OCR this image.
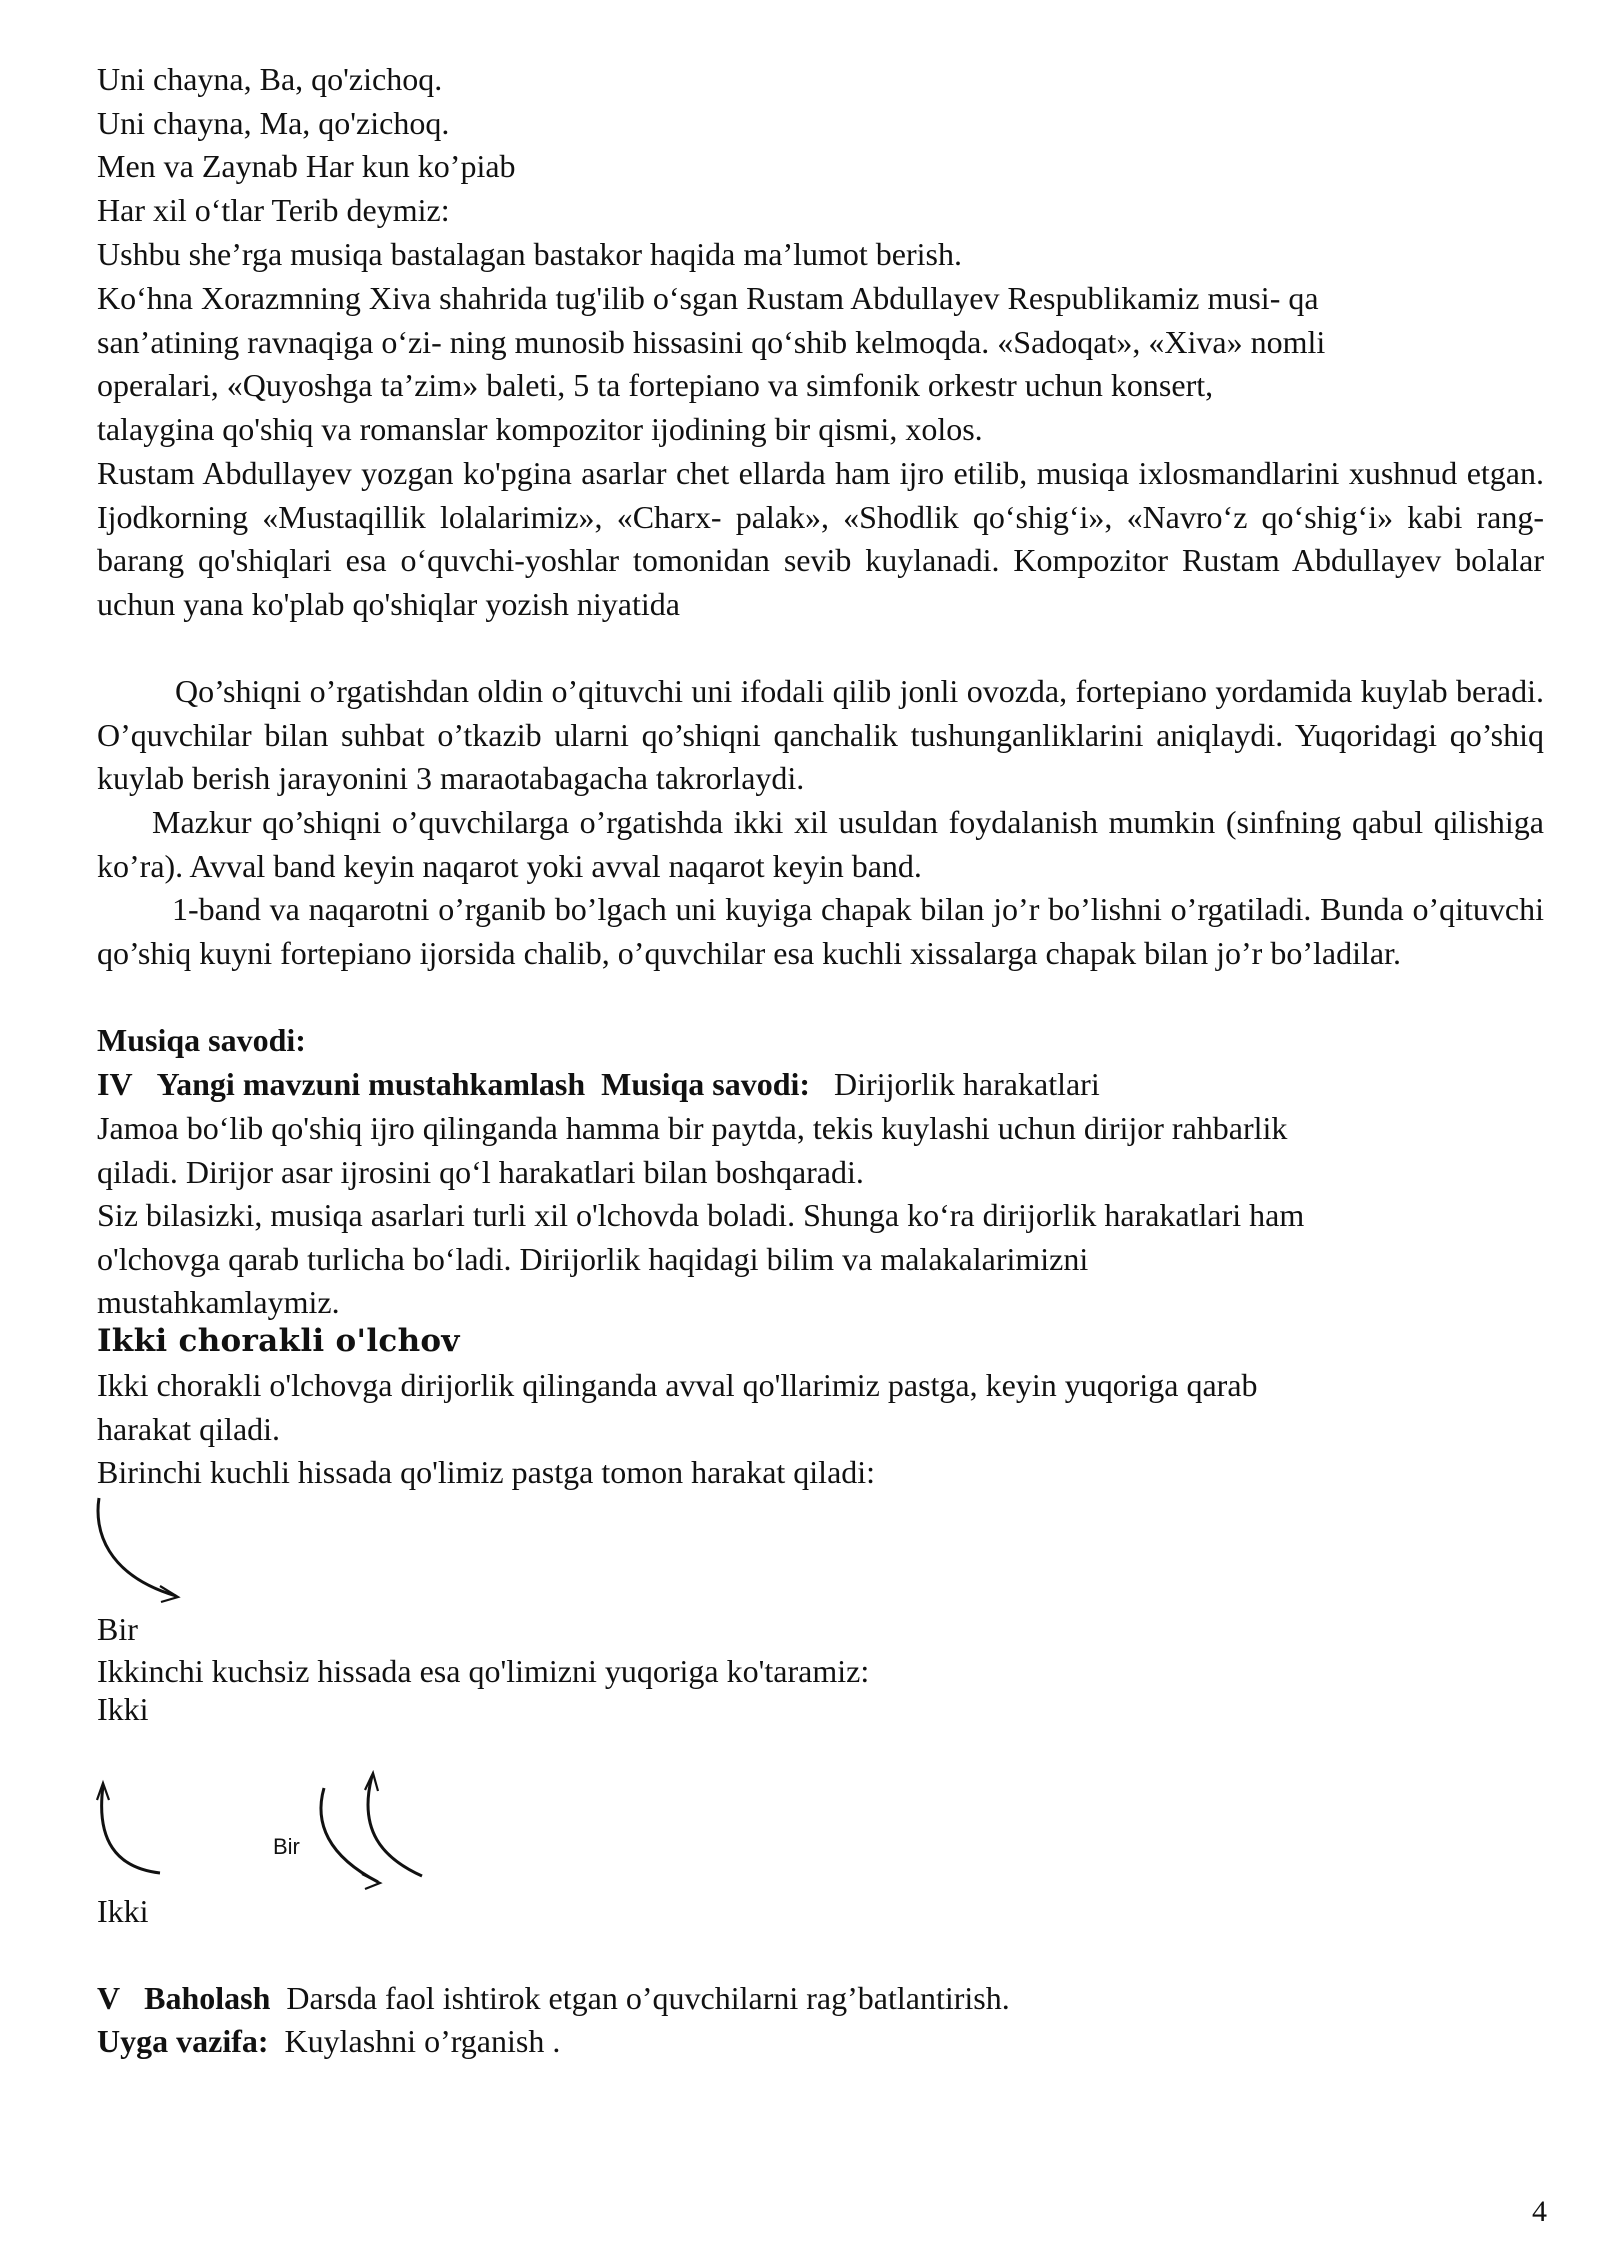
Uni chayna, Ba, qo'zichoq.
Uni chayna, Ma, qo'zichoq.
Men va Zaynab Har kun ko’piab
Har xil o‘tlar Terib deymiz:
Ushbu she’rga musiqa bastalagan bastakor haqida ma’lumot berish.
Ko‘hna Xorazmning Xiva shahrida tug'ilib o‘sgan Rustam Abdullayev Respublikamiz musi- qa
san’atining ravnaqiga o‘zi- ning munosib hissasini qo‘shib kelmoqda. «Sadoqat», «Xiva» nomli
operalari, «Quyoshga ta’zim» baleti, 5 ta fortepiano va simfonik orkestr uchun konsert,
talaygina qo'shiq va romanslar kompozitor ijodining bir qismi, xolos.

Rustam Abdullayev yozgan ko'pgina asarlar chet ellarda ham ijro etilib, musiqa ixlosmandlarini xushnud etgan. Ijodkorning «Mustaqillik lolalarimiz», «Charx- palak», «Shodlik qo‘shig‘i», «Navro‘z qo‘shig‘i» kabi rang-barang qo'shiqlari esa o‘quvchi-yoshlar tomonidan sevib kuylanadi. Kompozitor Rustam Abdullayev bolalar uchun yana ko'plab qo'shiqlar yozish niyatida

Qo’shiqni o’rgatishdan oldin o’qituvchi uni ifodali qilib jonli ovozda, fortepiano yordamida kuylab beradi. O’quvchilar bilan suhbat o’tkazib ularni qo’shiqni qanchalik tushunganliklarini aniqlaydi. Yuqoridagi qo’shiq kuylab berish jarayonini 3 maraotabagacha takrorlaydi.

Mazkur qo’shiqni o’quvchilarga o’rgatishda ikki xil usuldan foydalanish mumkin (sinfning qabul qilishiga ko’ra). Avval band keyin naqarot yoki avval naqarot keyin band.

1-band va naqarotni o’rganib bo’lgach uni kuyiga chapak bilan jo’r bo’lishni o’rgatiladi. Bunda o’qituvchi qo’shiq kuyni fortepiano ijorsida chalib, o’quvchilar esa kuchli xissalarga chapak bilan jo’r bo’ladilar.

Musiqa savodi:
IV Yangi mavzuni mustahkamlash Musiqa savodi: Dirijorlik harakatlari
Jamoa bo‘lib qo'shiq ijro qilinganda hamma bir paytda, tekis kuylashi uchun dirijor rahbarlik
qiladi. Dirijor asar ijrosini qo‘l harakatlari bilan boshqaradi.
Siz bilasizki, musiqa asarlari turli xil o'lchovda boladi. Shunga ko‘ra dirijorlik harakatlari ham
o'lchovga qarab turlicha bo‘ladi. Dirijorlik haqidagi bilim va malakalarimizni
mustahkamlaymiz.
Ikki chorakli o'lchov
Ikki chorakli o'lchovga dirijorlik qilinganda avval qo'llarimiz pastga, keyin yuqoriga qarab
harakat qiladi.
Birinchi kuchli hissada qo'limiz pastga tomon harakat qiladi:
Bir
Ikkinchi kuchsiz hissada esa qo'limizni yuqoriga ko'taramiz:
Ikki
Bir
Ikki
V Baholash Darsda faol ishtirok etgan o’quvchilarni rag’batlantirish.
Uyga vazifa: Kuylashni o’rganish .
4
